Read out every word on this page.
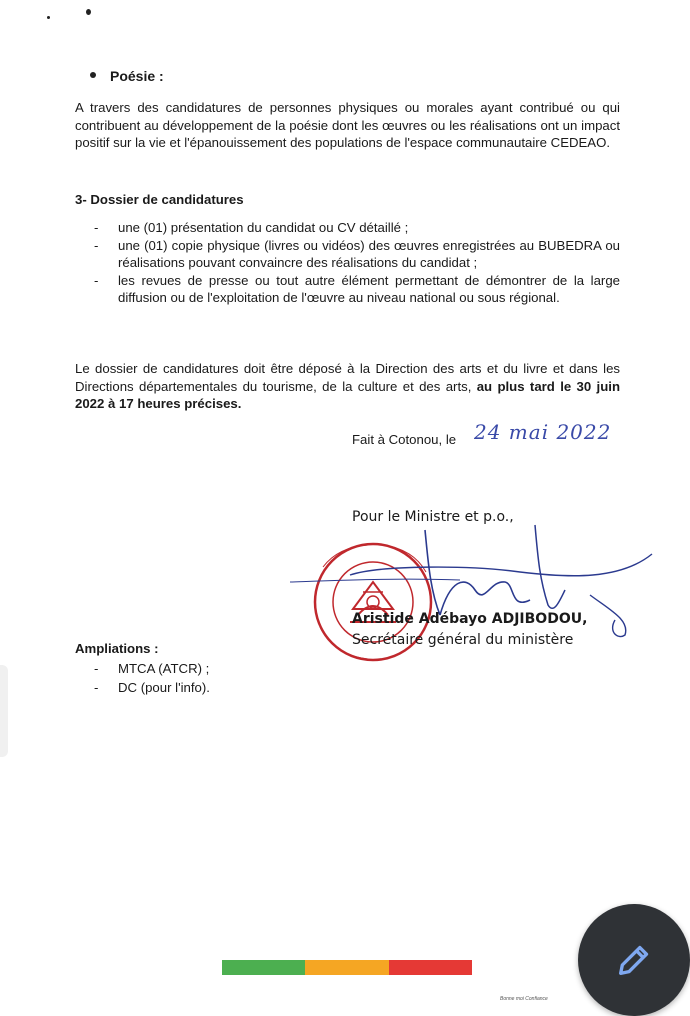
Poésie :

A travers des candidatures de personnes physiques ou morales ayant contribué ou qui contribuent au développement de la poésie dont les œuvres ou les réalisations ont un impact positif sur la vie et l'épanouissement des populations de l'espace communautaire CEDEAO.

3- Dossier de candidatures
- une (01) présentation du candidat ou CV détaillé ;
- une (01) copie physique (livres ou vidéos) des œuvres enregistrées au BUBEDRA ou réalisations pouvant convaincre des réalisations du candidat ;
- les revues de presse ou tout autre élément permettant de démontrer de la large diffusion ou de l'exploitation de l'œuvre au niveau national ou sous régional.

Le dossier de candidatures doit être déposé à la Direction des arts et du livre et dans les Directions départementales du tourisme, de la culture et des arts, au plus tard le 30 juin 2022 à 17 heures précises.

Fait à Cotonou, le 24 mai 2022
Pour le Ministre et p.o.,
Aristide Adébayo ADJIBODOU,
Secrétaire général du ministère
Ampliations :
- MTCA (ATCR) ;
- DC (pour l'info).
Bonne moi Confiance
